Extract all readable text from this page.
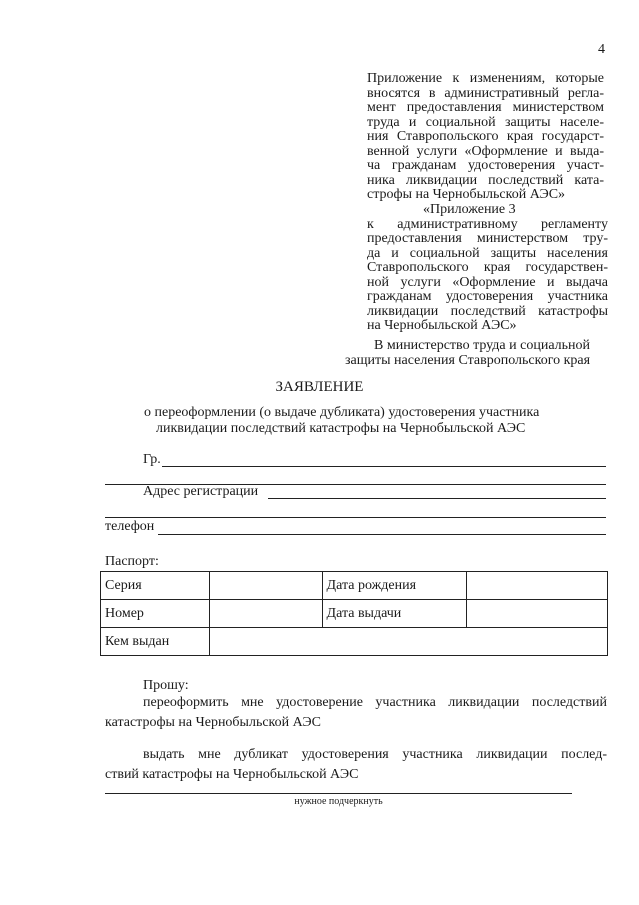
4
Приложение к изменениям, которые
вносятся в административный регла-
мент предоставления министерством
труда и социальной защиты населе-
ния Ставропольского края государст-
венной услуги «Оформление и выда-
ча гражданам удостоверения участ-
ника ликвидации последствий ката-
строфы на Чернобыльской АЭС»
«Приложение 3
к административному регламенту
предоставления министерством тру-
да и социальной защиты населения
Ставропольского края государствен-
ной услуги «Оформление и выдача
гражданам удостоверения участника
ликвидации последствий катастрофы
на Чернобыльской АЭС»
В министерство труда и социальной
защиты населения Ставропольского края
ЗАЯВЛЕНИЕ
о переоформлении (о выдаче дубликата) удостоверения участника
ликвидации последствий катастрофы на Чернобыльской АЭС
Гр.
Адрес регистрации
телефон
Паспорт:
Серия		Дата рождения	
Номер		Дата выдачи	
Кем выдан			
Прошу:
переоформить мне удостоверение участника ликвидации последствий
катастрофы на Чернобыльской АЭС
выдать мне дубликат удостоверения участника ликвидации послед-
ствий катастрофы на Чернобыльской АЭС
нужное подчеркнуть
